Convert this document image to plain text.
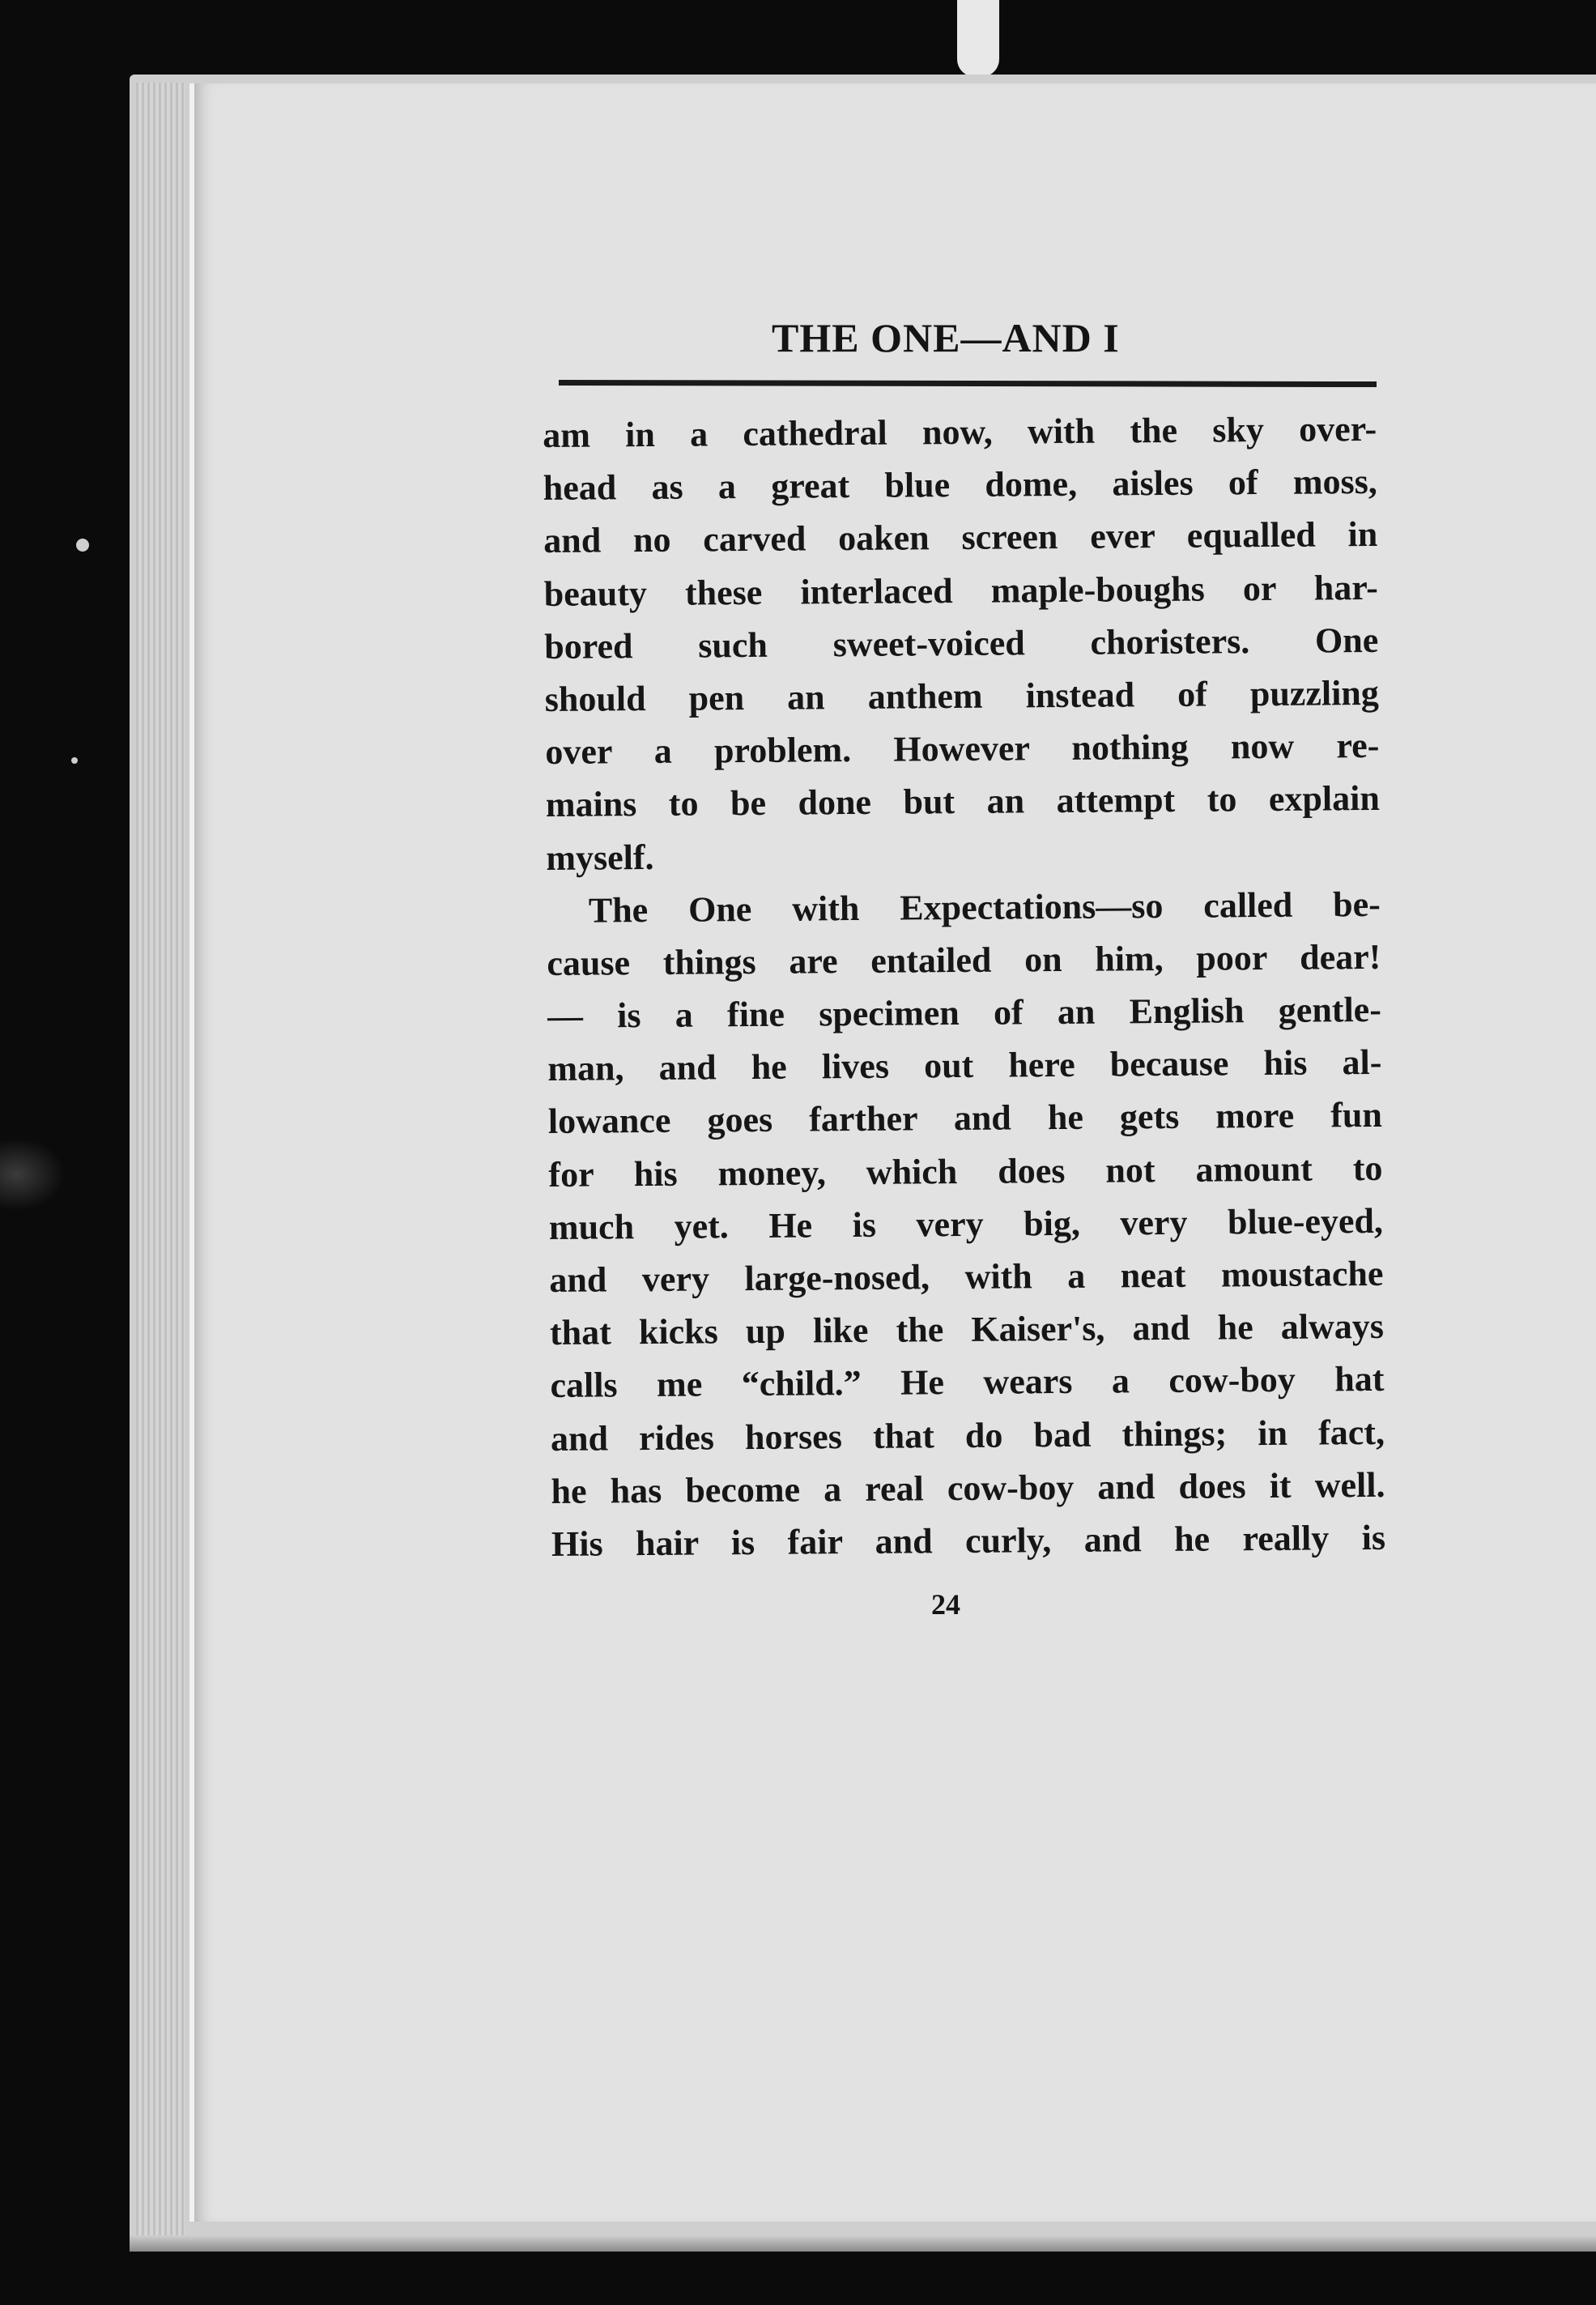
THE ONE—AND I
am in a cathedral now, with the sky over-
head as a great blue dome, aisles of moss,
and no carved oaken screen ever equalled in
beauty these interlaced maple-boughs or har-
bored such sweet-voiced choristers. One
should pen an anthem instead of puzzling
over a problem. However nothing now re-
mains to be done but an attempt to explain
myself.
The One with Expectations—so called be-
cause things are entailed on him, poor dear!
— is a fine specimen of an English gentle-
man, and he lives out here because his al-
lowance goes farther and he gets more fun
for his money, which does not amount to
much yet. He is very big, very blue-eyed,
and very large-nosed, with a neat moustache
that kicks up like the Kaiser's, and he always
calls me “child.” He wears a cow-boy hat
and rides horses that do bad things; in fact,
he has become a real cow-boy and does it well.
His hair is fair and curly, and he really is
24
